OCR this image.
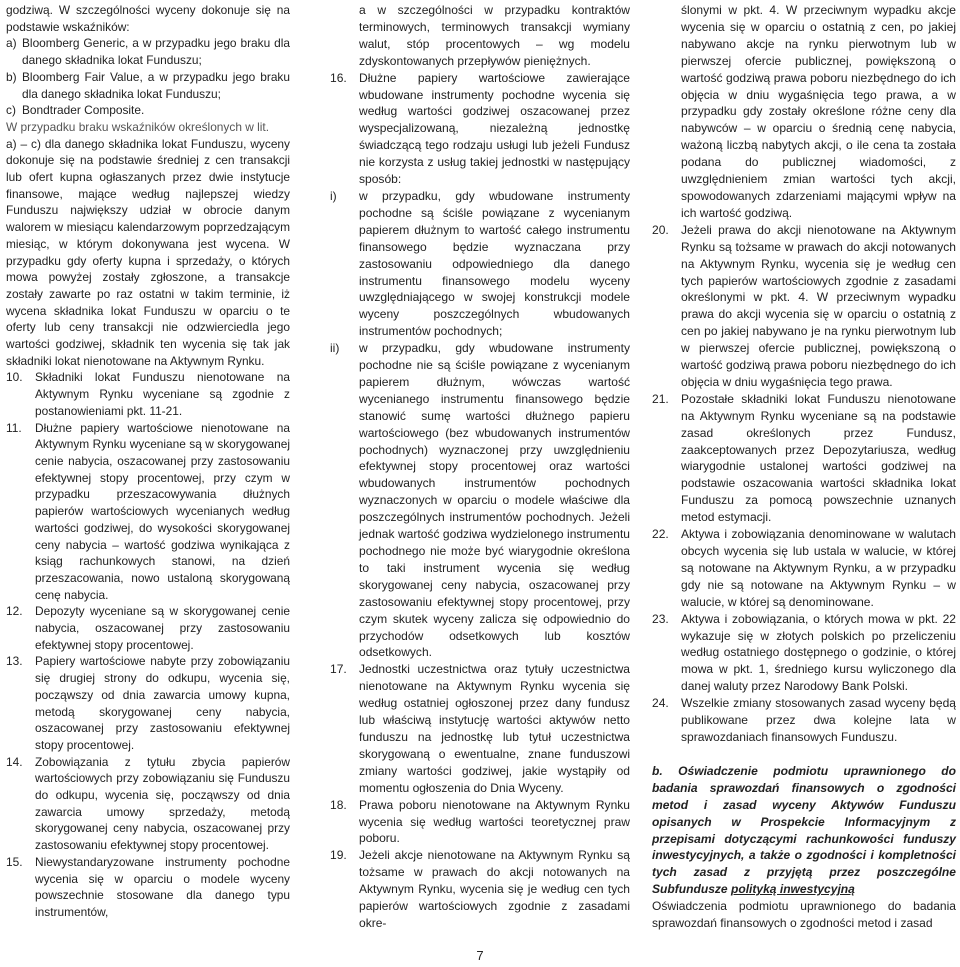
godziwą. W szczególności wyceny dokonuje się na podstawie wskaźników:

a) Bloomberg Generic, a w przypadku jego braku dla danego składnika lokat Funduszu;
b) Bloomberg Fair Value, a w przypadku jego braku dla danego składnika lokat Funduszu;
c) Bondtrader Composite.

W przypadku braku wskaźników określonych w lit.

a) – c) dla danego składnika lokat Funduszu, wyceny dokonuje się na podstawie średniej z cen transakcji lub ofert kupna ogłaszanych przez dwie instytucje finansowe, mające według najlepszej wiedzy Funduszu największy udział w obrocie danym walorem w miesiącu kalendarzowym poprzedzającym miesiąc, w którym dokonywana jest wycena. W przypadku gdy oferty kupna i sprzedaży, o których mowa powyżej zostały zgłoszone, a transakcje zostały zawarte po raz ostatni w takim terminie, iż wycena składnika lokat Funduszu w oparciu o te oferty lub ceny transakcji nie odzwierciedla jego wartości godziwej, składnik ten wycenia się tak jak składniki lokat nienotowane na Aktywnym Rynku.

10. Składniki lokat Funduszu nienotowane na Aktywnym Rynku wyceniane są zgodnie z postanowieniami pkt. 11-21.
11. Dłużne papiery wartościowe nienotowane na Aktywnym Rynku wyceniane są w skorygowanej cenie nabycia, oszacowanej przy zastosowaniu efektywnej stopy procentowej, przy czym w przypadku przeszacowywania dłużnych papierów wartościowych wycenianych według wartości godziwej, do wysokości skorygowanej ceny nabycia – wartość godziwa wynikająca z ksiąg rachunkowych stanowi, na dzień przeszacowania, nowo ustaloną skorygowaną cenę nabycia.
12. Depozyty wyceniane są w skorygowanej cenie nabycia, oszacowanej przy zastosowaniu efektywnej stopy procentowej.
13. Papiery wartościowe nabyte przy zobowiązaniu się drugiej strony do odkupu, wycenia się, począwszy od dnia zawarcia umowy kupna, metodą skorygowanej ceny nabycia, oszacowanej przy zastosowaniu efektywnej stopy procentowej.
14. Zobowiązania z tytułu zbycia papierów wartościowych przy zobowiązaniu się Funduszu do odkupu, wycenia się, począwszy od dnia zawarcia umowy sprzedaży, metodą skorygowanej ceny nabycia, oszacowanej przy zastosowaniu efektywnej stopy procentowej.
15. Niewystandaryzowane instrumenty pochodne wycenia się w oparciu o modele wyceny powszechnie stosowane dla danego typu instrumentów,

a w szczególności w przypadku kontraktów terminowych, terminowych transakcji wymiany walut, stóp procentowych – wg modelu zdyskontowanych przepływów pieniężnych.

16. Dłużne papiery wartościowe zawierające wbudowane instrumenty pochodne wycenia się według wartości godziwej oszacowanej przez wyspecjalizowaną, niezależną jednostkę świadczącą tego rodzaju usługi lub jeżeli Fundusz nie korzysta z usług takiej jednostki w następujący sposób:
i) w przypadku, gdy wbudowane instrumenty pochodne są ściśle powiązane z wycenianym papierem dłużnym to wartość całego instrumentu finansowego będzie wyznaczana przy zastosowaniu odpowiedniego dla danego instrumentu finansowego modelu wyceny uwzględniającego w swojej konstrukcji modele wyceny poszczególnych wbudowanych instrumentów pochodnych;
ii) w przypadku, gdy wbudowane instrumenty pochodne nie są ściśle powiązane z wycenianym papierem dłużnym, wówczas wartość wycenianego instrumentu finansowego będzie stanowić sumę wartości dłużnego papieru wartościowego (bez wbudowanych instrumentów pochodnych) wyznaczonej przy uwzględnieniu efektywnej stopy procentowej oraz wartości wbudowanych instrumentów pochodnych wyznaczonych w oparciu o modele właściwe dla poszczególnych instrumentów pochodnych. Jeżeli jednak wartość godziwa wydzielonego instrumentu pochodnego nie może być wiarygodnie określona to taki instrument wycenia się według skorygowanej ceny nabycia, oszacowanej przy zastosowaniu efektywnej stopy procentowej, przy czym skutek wyceny zalicza się odpowiednio do przychodów odsetkowych lub kosztów odsetkowych.
17. Jednostki uczestnictwa oraz tytuły uczestnictwa nienotowane na Aktywnym Rynku wycenia się według ostatniej ogłoszonej przez dany fundusz lub właściwą instytucję wartości aktywów netto funduszu na jednostkę lub tytuł uczestnictwa skorygowaną o ewentualne, znane funduszowi zmiany wartości godziwej, jakie wystąpiły od momentu ogłoszenia do Dnia Wyceny.
18. Prawa poboru nienotowane na Aktywnym Rynku wycenia się według wartości teoretycznej praw poboru.
19. Jeżeli akcje nienotowane na Aktywnym Rynku są tożsame w prawach do akcji notowanych na Aktywnym Rynku, wycenia się je według cen tych papierów wartościowych zgodnie z zasadami okre-

ślonymi w pkt. 4. W przeciwnym wypadku akcje wycenia się w oparciu o ostatnią z cen, po jakiej nabywano akcje na rynku pierwotnym lub w pierwszej ofercie publicznej, powiększoną o wartość godziwą prawa poboru niezbędnego do ich objęcia w dniu wygaśnięcia tego prawa, a w przypadku gdy zostały określone różne ceny dla nabywców – w oparciu o średnią cenę nabycia, ważoną liczbą nabytych akcji, o ile cena ta została podana do publicznej wiadomości, z uwzględnieniem zmian wartości tych akcji, spowodowanych zdarzeniami mającymi wpływ na ich wartość godziwą.

20. Jeżeli prawa do akcji nienotowane na Aktywnym Rynku są tożsame w prawach do akcji notowanych na Aktywnym Rynku, wycenia się je według cen tych papierów wartościowych zgodnie z zasadami określonymi w pkt. 4. W przeciwnym wypadku prawa do akcji wycenia się w oparciu o ostatnią z cen po jakiej nabywano je na rynku pierwotnym lub w pierwszej ofercie publicznej, powiększoną o wartość godziwą prawa poboru niezbędnego do ich objęcia w dniu wygaśnięcia tego prawa.
21. Pozostałe składniki lokat Funduszu nienotowane na Aktywnym Rynku wyceniane są na podstawie zasad określonych przez Fundusz, zaakceptowanych przez Depozytariusza, według wiarygodnie ustalonej wartości godziwej na podstawie oszacowania wartości składnika lokat Funduszu za pomocą powszechnie uznanych metod estymacji.
22. Aktywa i zobowiązania denominowane w walutach obcych wycenia się lub ustala w walucie, w której są notowane na Aktywnym Rynku, a w przypadku gdy nie są notowane na Aktywnym Rynku – w walucie, w której są denominowane.
23. Aktywa i zobowiązania, o których mowa w pkt. 22 wykazuje się w złotych polskich po przeliczeniu według ostatniego dostępnego o godzinie, o której mowa w pkt. 1, średniego kursu wyliczonego dla danej waluty przez Narodowy Bank Polski.
24. Wszelkie zmiany stosowanych zasad wyceny będą publikowane przez dwa kolejne lata w sprawozdaniach finansowych Funduszu.

b. Oświadczenie podmiotu uprawnionego do badania sprawozdań finansowych o zgodności metod i zasad wyceny Aktywów Funduszu opisanych w Prospekcie Informacyjnym z przepisami dotyczącymi rachunkowości funduszy inwestycyjnych, a także o zgodności i kompletności tych zasad z przyjętą przez poszczególne Subfundusze polityką inwestycyjną

Oświadczenia podmiotu uprawnionego do badania sprawozdań finansowych o zgodności metod i zasad

7
